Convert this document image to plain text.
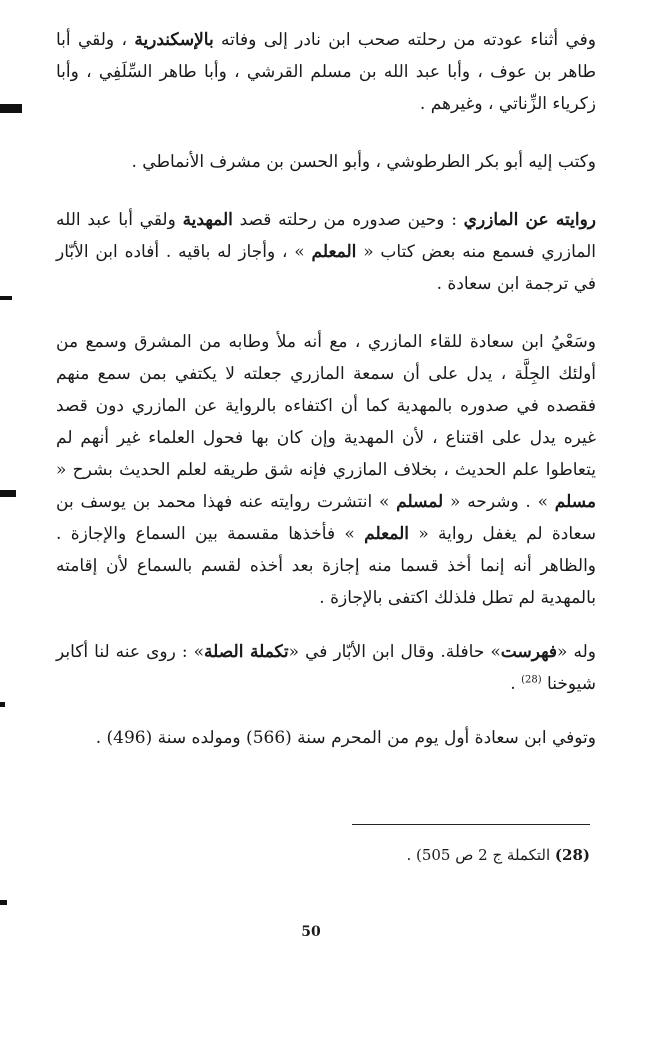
وفي أثناء عودته من رحلته صحب ابن نادر إلى وفاته بالإسكندرية ، ولقي أبا طاهر بن عوف ، وأبا عبد الله بن مسلم القرشي ، وأبا طاهر السِّلَفِي ، وأبا زكرياء الزِّناتي ، وغيرهم .

وكتب إليه أبو بكر الطرطوشي ، وأبو الحسن بن مشرف الأنماطي .

روايته عن المازري : وحين صدوره من رحلته قصد المهدية ولقي أبا عبد الله المازري فسمع منه بعض كتاب « المعلم » ، وأجاز له باقيه . أفاده ابن الأبّار في ترجمة ابن سعادة .

وسَعْيُ ابن سعادة للقاء المازري ، مع أنه ملأ وطابه من المشرق وسمع من أولئك الجِلَّة ، يدل على أن سمعة المازري جعلته لا يكتفي بمن سمع منهم فقصده في صدوره بالمهدية كما أن اكتفاءه بالرواية عن المازري دون قصد غيره يدل على اقتناع ، لأن المهدية وإن كان بها فحول العلماء غير أنهم لم يتعاطوا علم الحديث ، بخلاف المازري فإنه شق طريقه لعلم الحديث بشرح « مسلم » . وشرحه « لمسلم » انتشرت روايته عنه فهذا محمد بن يوسف بن سعادة لم يغفل رواية « المعلم » فأخذها مقسمة بين السماع والإجازة . والظاهر أنه إنما أخذ قسما منه إجازة بعد أخذه لقسم بالسماع لأن إقامته بالمهدية لم تطل فلذلك اكتفى بالإجازة .

وله «فهرست» حافلة. وقال ابن الأبّار في «تكملة الصلة» : روى عنه لنا أكابر شيوخنا $^{(28)}$ .

وتوفي ابن سعادة أول يوم من المحرم سنة (566) ومولده سنة (496) .

(28) التكملة ج 2 ص 505) .

50
